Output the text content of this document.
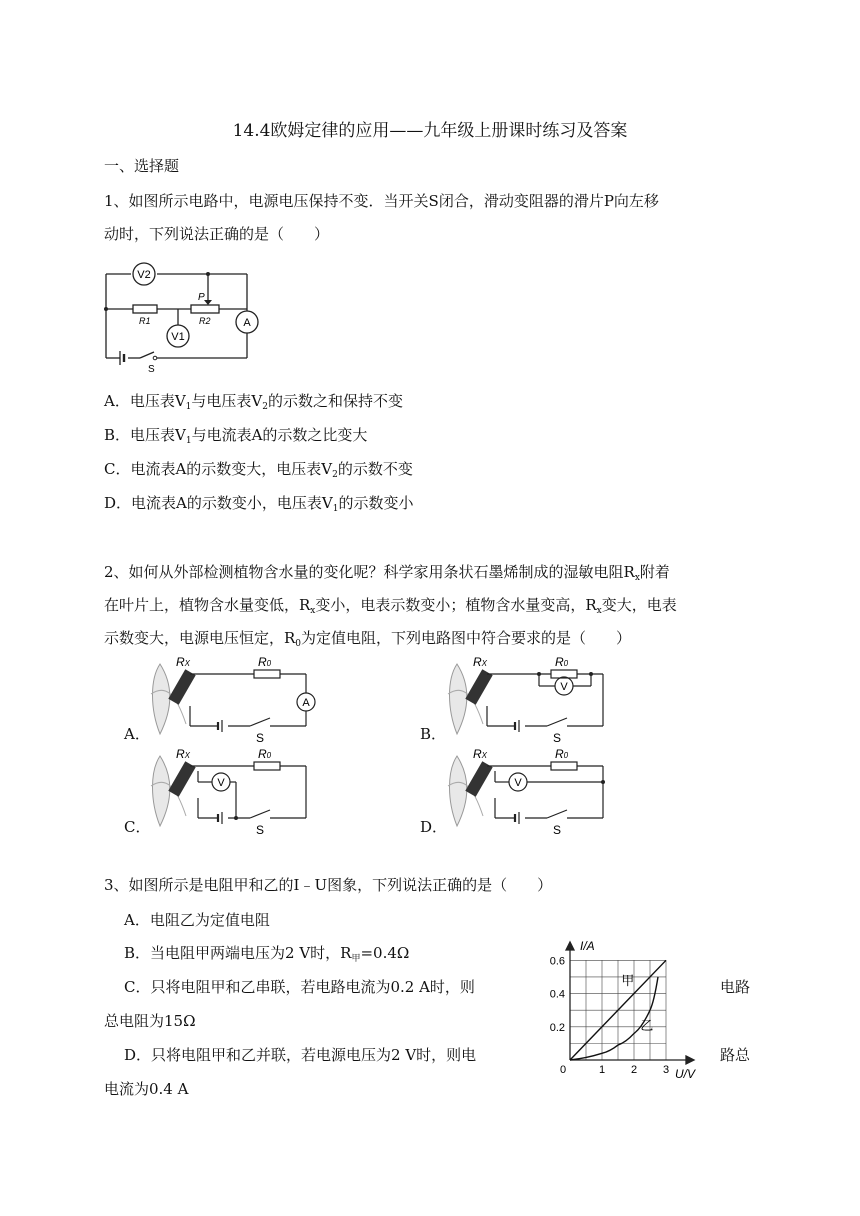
14.4欧姆定律的应用——九年级上册课时练习及答案
一、选择题
1、如图所示电路中，电源电压保持不变．当开关S闭合，滑动变阻器的滑片P向左移
动时，下列说法正确的是（　　）
V2
V1
A
R1	R2
P
S
A．电压表$V_1$与电压表$V_2$的示数之和保持不变
B．电压表$V_1$与电流表A的示数之比变大
C．电流表A的示数变大，电压表$V_2$的示数不变
D．电流表A的示数变小，电压表$V_1$的示数变小
2、如何从外部检测植物含水量的变化呢？科学家用条状石墨烯制成的湿敏电阻$R_x$附着
在叶片上，植物含水量变低，$R_x$变小，电表示数变小；植物含水量变高，$R_x$变大，电表
示数变大，电源电压恒定，$R_0$为定值电阻，下列电路图中符合要求的是（　　）
A．	B．
C．	D．
RX	R0
A
S
RX	R0
V
S
RX	R0
V
S
RX	R0
V
S
3、如图所示是电阻甲和乙的I﹣U图象，下列说法正确的是（　　）
A．电阻乙为定值电阻
B．当电阻甲两端电压为2 V时，$R_甲=0.4\Omega$
C．只将电阻甲和乙串联，若电路电流为0.2 A时，则	电路
总电阻为15Ω
D．只将电阻甲和乙并联，若电源电压为2 V时，则电	路总
电流为0.4 A
1 2 3
0.2
0.4
0.6
甲
乙
I/A
U/V
0
